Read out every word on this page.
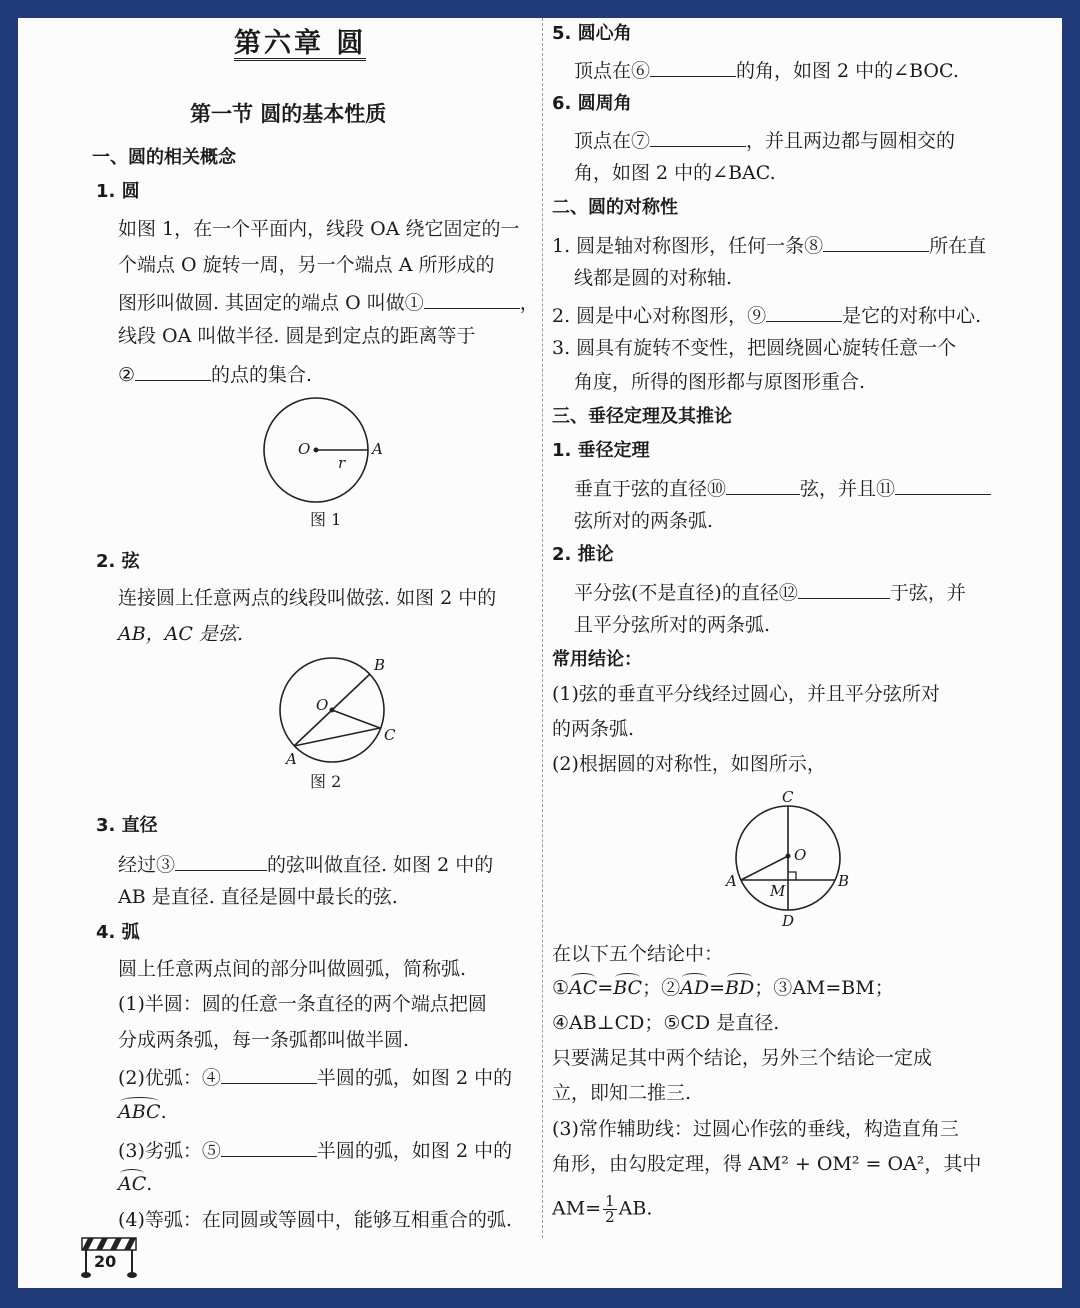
第六章 圆
第一节 圆的基本性质
一、圆的相关概念
1. 圆
如图 1，在一个平面内，线段 OA 绕它固定的一
个端点 O 旋转一周，另一个端点 A 所形成的
图形叫做圆. 其固定的端点 O 叫做①	，
线段 OA 叫做半径. 圆是到定点的距离等于
②	的点的集合.
O	A
r
图 1
2. 弦
连接圆上任意两点的线段叫做弦. 如图 2 中的
AB，AC 是弦.
B
O
A
C
图 2
3. 直径
经过③	的弦叫做直径. 如图 2 中的
AB 是直径. 直径是圆中最长的弦.
4. 弧
圆上任意两点间的部分叫做圆弧，简称弧.
(1)半圆：圆的任意一条直径的两个端点把圆
分成两条弧，每一条弧都叫做半圆.
(2)优弧：④	半圆的弧，如图 2 中的
ABC.
(3)劣弧：⑤	半圆的弧，如图 2 中的
AC.
(4)等弧：在同圆或等圆中，能够互相重合的弧.
5. 圆心角
顶点在⑥	的角，如图 2 中的∠BOC.
6. 圆周角
顶点在⑦	，并且两边都与圆相交的
角，如图 2 中的∠BAC.
二、圆的对称性
1. 圆是轴对称图形，任何一条⑧	所在直
线都是圆的对称轴.
2. 圆是中心对称图形，⑨	是它的对称中心.
3. 圆具有旋转不变性，把圆绕圆心旋转任意一个
角度，所得的图形都与原图形重合.
三、垂径定理及其推论
1. 垂径定理
垂直于弦的直径⑩	弦，并且⑪
弦所对的两条弧.
2. 推论
平分弦(不是直径)的直径⑫	于弦，并
且平分弦所对的两条弧.
常用结论：
(1)弦的垂直平分线经过圆心，并且平分弦所对
的两条弧.
(2)根据圆的对称性，如图所示，
C
O
A
M
B
D
在以下五个结论中：
①AC=BC；②AD=BD；③AM=BM；
④AB⊥CD；⑤CD 是直径.
只要满足其中两个结论，另外三个结论一定成
立，即知二推三.
(3)常作辅助线：过圆心作弦的垂线，构造直角三
角形，由勾股定理，得 AM² + OM² = OA²，其中
$AM= \frac{1}{2}$ AB.
20
